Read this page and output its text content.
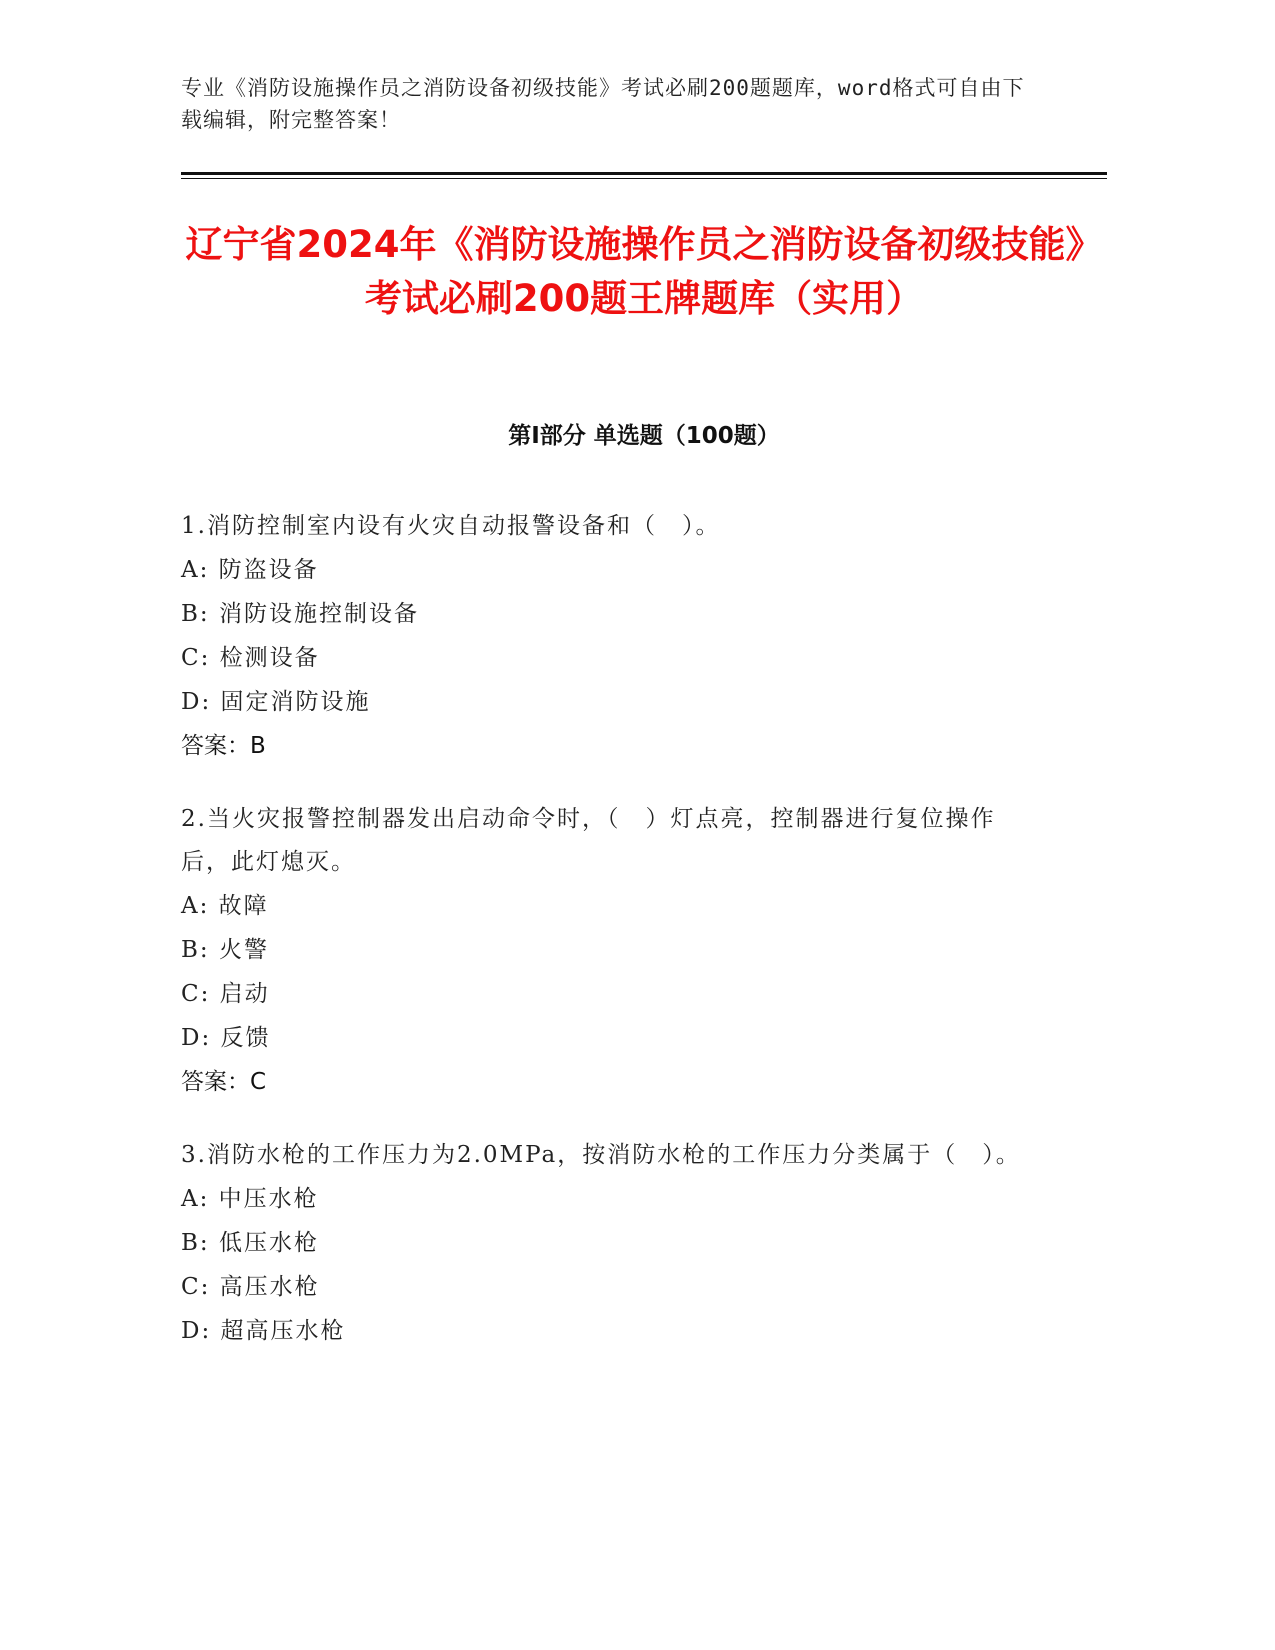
专业《消防设施操作员之消防设备初级技能》考试必刷200题题库，word格式可自由下载编辑，附完整答案！
辽宁省2024年《消防设施操作员之消防设备初级技能》考试必刷200题王牌题库（实用）
第Ⅰ部分 单选题（100题）
1.消防控制室内设有火灾自动报警设备和（　）。
A: 防盗设备
B: 消防设施控制设备
C: 检测设备
D: 固定消防设施
答案：B
2.当火灾报警控制器发出启动命令时，（　）灯点亮，控制器进行复位操作后，此灯熄灭。
A: 故障
B: 火警
C: 启动
D: 反馈
答案：C
3.消防水枪的工作压力为2.0MPa，按消防水枪的工作压力分类属于（　）。
A: 中压水枪
B: 低压水枪
C: 高压水枪
D: 超高压水枪
